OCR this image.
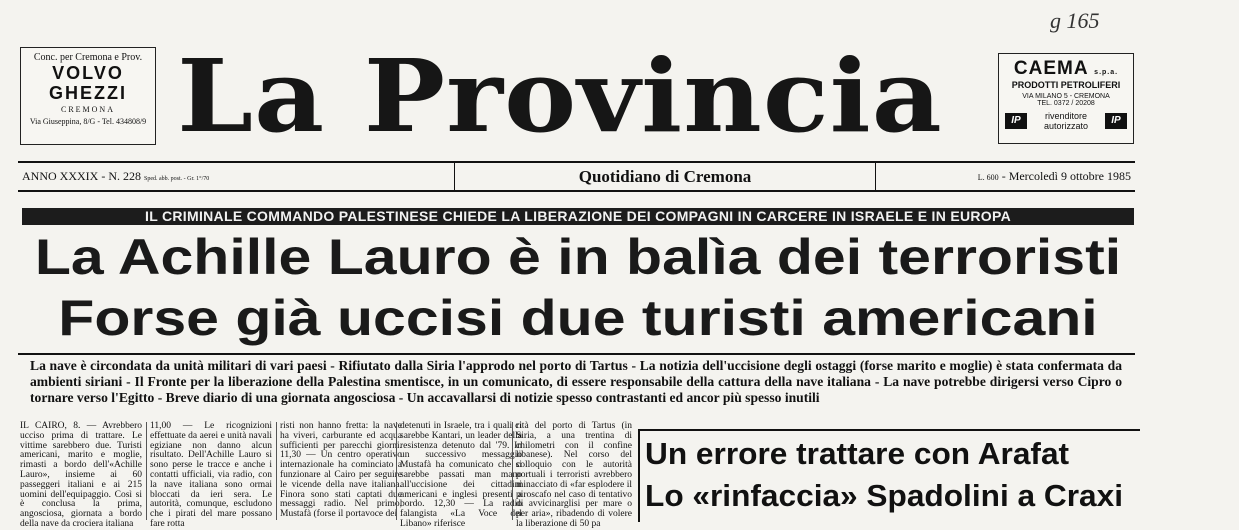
g 165
Conc. per Cremona e Prov.
VOLVO
GHEZZI
CREMONA
Via Giuseppina, 8/G - Tel. 434808/9 La Provincia	CAEMA s.p.a.
PRODOTTI PETROLIFERI
VIA MILANO 5 - CREMONA
TEL. 0372 / 20208
IP	rivenditore
autorizzato	IP
ANNO XXXIX - N. 228 Sped. abb. post. - Gr. 1°/70	Quotidiano di Cremona	L. 600 - Mercoledì 9 ottobre 1985
IL CRIMINALE COMMANDO PALESTINESE CHIEDE LA LIBERAZIONE DEI COMPAGNI IN CARCERE IN ISRAELE E IN EUROPA
La Achille Lauro è in balìa dei terroristi
Forse già uccisi due turisti americani
La nave è circondata da unità militari di vari paesi - Rifiutato dalla Siria l'approdo nel porto di Tartus - La notizia dell'uccisione degli ostaggi (forse marito e moglie) è stata confermata da ambienti siriani - Il Fronte per la liberazione della Palestina smentisce, in un comunicato, di essere responsabile della cattura della nave italiana - La nave potrebbe dirigersi verso Cipro o tornare verso l'Egitto - Breve diario di una giornata angosciosa - Un accavallarsi di notizie spesso contrastanti ed ancor più spesso inutili
IL CAIRO, 8. — Avrebbero ucciso prima di trattare. Le vittime sarebbero due. Turisti americani, marito e moglie, rimasti a bordo dell'«Achille Lauro», insieme ai 60 passeggeri italiani e ai 215 uomini dell'equipaggio. Così si è conclusa la prima, angosciosa, giornata a bordo della nave da crociera italiana
11,00 — Le ricognizioni effettuate da aerei e unità navali egiziane non danno alcun risultato. Dell'Achille Lauro si sono perse le tracce e anche i contatti ufficiali, via radio, con la nave italiana sono ormai bloccati da ieri sera. Le autorità, comunque, escludono che i pirati del mare possano fare rotta
risti non hanno fretta: la nave ha viveri, carburante ed acqua sufficienti per parecchi giorni. 11,30 — Un centro operativo internazionale ha cominciato a funzionare al Cairo per seguire le vicende della nave italiana. Finora sono stati captati due messaggi radio. Nel primo, Mustafà (forse il portavoce dei
detenuti in Israele, tra i quali ci sarebbe Kantari, un leader della resistenza detenuto dal '79. In un successivo messaggio Mustafà ha comunicato che si sarebbe passati man mano all'uccisione dei cittadini americani e inglesi presenti a bordo. 12,30 — La radio falangista «La Voce del Libano» riferisce
rità del porto di Tartus (in Siria, a una trentina di chilometri con il confine libanese). Nel corso del colloquio con le autorità portuali i terroristi avrebbero minacciato di «far esplodere il piroscafo nel caso di tentativo di avvicinarglisi per mare o per aria», ribadendo di volere la liberazione di 50 pa
Un errore trattare con Arafat
Lo «rinfaccia» Spadolini a Craxi
